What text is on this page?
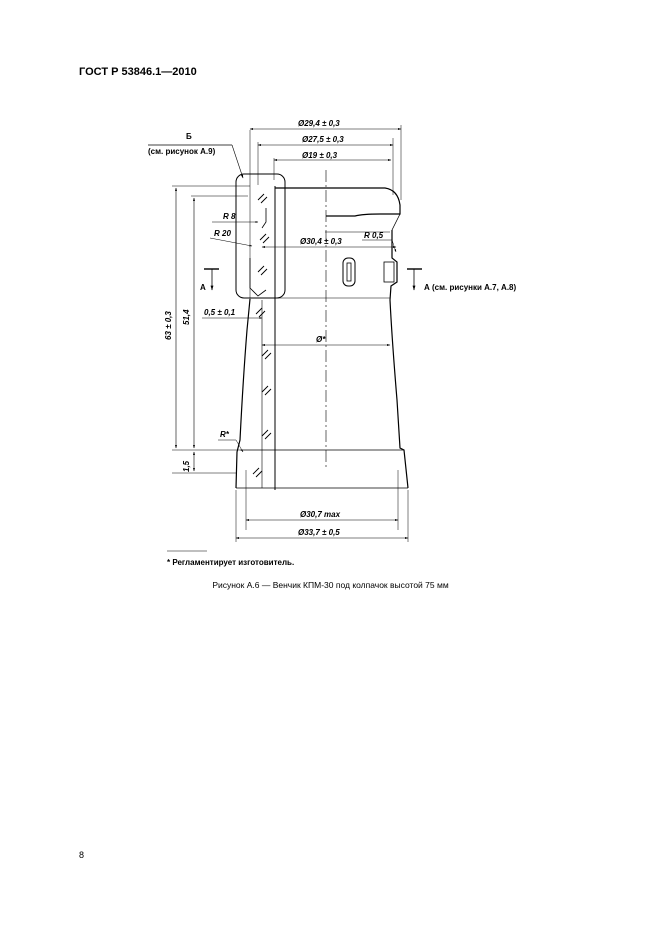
ГОСТ Р 53846.1—2010
Б
(см. рисунок А.9)
Ø29,4 ± 0,3
Ø27,5 ± 0,3
Ø19 ± 0,3
R 8
R 20
Ø30,4 ± 0,3
R 0,5
А	А (см. рисунки А.7, А.8)
0,5 ± 0,1
Ø*
R*
63 ± 0,3 51,4
1,5
Ø30,7 max
Ø33,7 ± 0,5
* Регламентирует изготовитель.
Рисунок А.6 — Венчик КПМ-30 под колпачок высотой 75 мм
8
